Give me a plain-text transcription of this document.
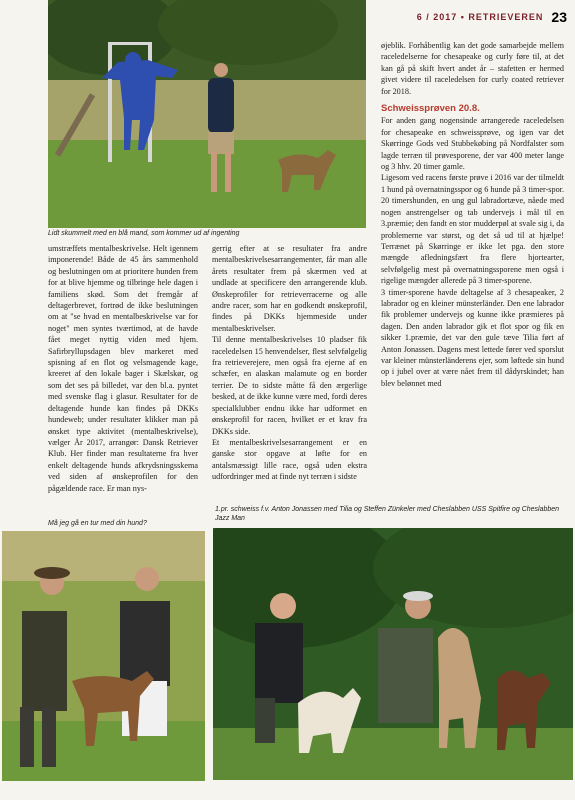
6 / 2017 • RETRIEVEREN 23
Lidt skummelt med en blå mand, som kommer ud af ingenting

umstræffets mentalbeskrivelse. Helt igennem imponerende! Både de 45 års sammenhold og beslutningen om at prioritere hunden frem for at blive hjemme og tilbringe hele dagen i familiens skød. Som det fremgår af deltagerbrevet, fortrød de ikke beslutningen om at "se hvad en mentalbeskrivelse var for noget" men syntes tværtimod, at de havde fået meget nyttig viden med hjem. Safirbryllupsdagen blev markeret med spisning af en flot og velsmagende kage, kreeret af den lokale bager i Skælskør, og som det ses på billedet, var den bl.a. pyntet med svenske flag i glasur. Resultater for de deltagende hunde kan findes på DKKs hundeweb; under resultater klikker man på ønsket type aktivitet (mentalbeskrivelse), vælger År 2017, arrangør: Dansk Retriever Klub. Her finder man resultaterne fra hver enkelt deltagende hunds afkrydsningsskema ved siden af ønskeprofilen for den pågældende race. Er man nys-

gerrig efter at se resultater fra andre mentalbeskrivelsesarrangementer, får man alle årets resultater frem på skærmen ved at undlade at specificere den arrangerende klub. Ønskeprofiler for retrieverracerne og alle andre racer, som har en godkendt ønskeprofil, findes på DKKs hjemmeside under mentalbeskrivelser.

Til denne mentalbeskrivelses 10 pladser fik raceledelsen 15 henvendelser, flest selvfølgelig fra retrieverejere, men også fra ejerne af en schæfer, en alaskan malamute og en border terrier. De to sidste måtte få den ærgerlige besked, at de ikke kunne være med, fordi deres specialklubber endnu ikke har udformet en ønskeprofil for racen, hvilket er et krav fra DKKs side.

Et mentalbeskrivelsesarrangement er en ganske stor opgave at løfte for en antalsmæssigt lille race, også uden ekstra udfordringer med at finde nyt terræn i sidste

øjeblik. Forhåbentlig kan det gode samarbejde mellem raceledelserne for chesapeake og curly føre til, at det kan gå på skift hvert andet år – stafetten er hermed givet videre til raceledelsen for curly coated retriever for 2018.

Schweissprøven 20.8.

For anden gang nogensinde arrangerede raceledelsen for chesapeake en schweissprøve, og igen var det Skørringe Gods ved Stubbekøbing på Nordfalster som lagde terræn til prøvesporene, der var 400 meter lange og 3 hhv. 20 timer gamle.

Ligesom ved racens første prøve i 2016 var der tilmeldt 1 hund på overnatningsspor og 6 hunde på 3 timer-spor. 20 timershunden, en ung gul labradortæve, nåede med nogen anstrengelser og tab undervejs i mål til en 3.præmie; den fandt en stor mudderpøl at svale sig i, da problemerne var størst, og det så ud til at hjælpe! Terrænet på Skørringe er ikke let pga. den store mængde afledningsfært fra flere hjortearter, selvfølgelig mest på overnatningssporene men også i rigelige mængder allerede på 3 timer-sporene.

3 timer-sporene havde deltagelse af 3 chesapeaker, 2 labrador og en kleiner münsterländer. Den ene labrador fik problemer undervejs og kunne ikke præmieres på dagen. Den anden labrador gik et flot spor og fik en sikker 1.præmie, det var den gule tæve Tilia ført af Anton Jonassen. Dagens mest lettede fører ved sporslut var kleiner münsterländerens ejer, som løftede sin hund op i jubel over at være nået frem til dådyrskindet; han blev belønnet med

Må jeg gå en tur med din hund?
1.pr. schweiss f.v. Anton Jonassen med Tilia og Steffen Zünkeler med Cheslabben USS Spitfire og Cheslabben Jazz Man
